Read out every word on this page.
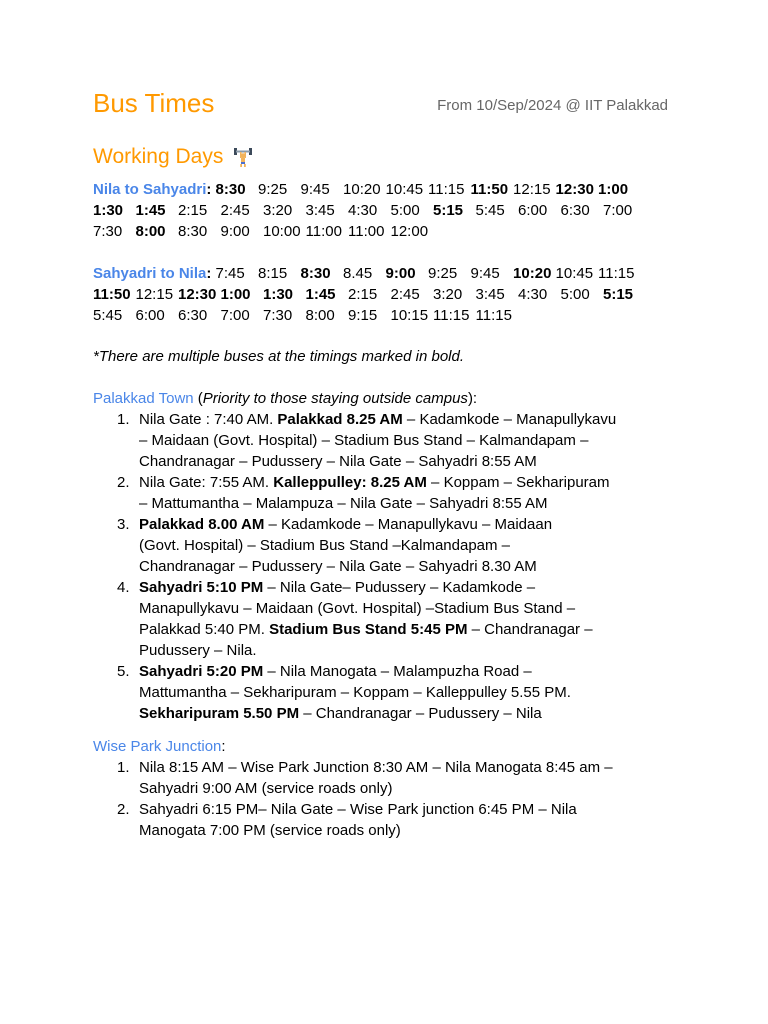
Bus Times	From 10/Sep/2024 @ IIT Palakkad
Working Days
Nila to Sahyadri: 8:30 9:25 9:45 10:20 10:45 11:15 11:50 12:15 12:30 1:001:30 1:45 2:15 2:45 3:20 3:45 4:30 5:00 5:15 5:45 6:00 6:30 7:007:30 8:00 8:30 9:00 10:00 11:00 11:00 12:00
Sahyadri to Nila: 7:45 8:15 8:30 8.45 9:00 9:25 9:45 10:20 10:45 11:1511:50 12:15 12:30 1:00 1:30 1:45 2:15 2:45 3:20 3:45 4:30 5:00 5:155:45 6:00 6:30 7:00 7:30 8:00 9:15 10:15 11:15 11:15
*There are multiple buses at the timings marked in bold.
Palakkad Town (Priority to those staying outside campus):
1. Nila Gate : 7:40 AM. Palakkad 8.25 AM – Kadamkode – Manapullykavu
– Maidaan (Govt. Hospital) – Stadium Bus Stand – Kalmandapam –
Chandranagar – Pudussery – Nila Gate – Sahyadri 8:55 AM
2. Nila Gate: 7:55 AM. Kalleppulley: 8.25 AM – Koppam – Sekharipuram
– Mattumantha – Malampuza – Nila Gate – Sahyadri 8:55 AM
3. Palakkad 8.00 AM – Kadamkode – Manapullykavu – Maidaan
(Govt. Hospital) – Stadium Bus Stand –Kalmandapam –
Chandranagar – Pudussery – Nila Gate – Sahyadri 8.30 AM
4. Sahyadri 5:10 PM – Nila Gate– Pudussery – Kadamkode –
Manapullykavu – Maidaan (Govt. Hospital) –Stadium Bus Stand –
Palakkad 5:40 PM. Stadium Bus Stand 5:45 PM – Chandranagar –
Pudussery – Nila.
5. Sahyadri 5:20 PM – Nila Manogata – Malampuzha Road –
Mattumantha – Sekharipuram – Koppam – Kalleppulley 5.55 PM.
Sekharipuram 5.50 PM – Chandranagar – Pudussery – Nila
Wise Park Junction:
1. Nila 8:15 AM – Wise Park Junction 8:30 AM – Nila Manogata 8:45 am –
Sahyadri 9:00 AM (service roads only)
2. Sahyadri 6:15 PM– Nila Gate – Wise Park junction 6:45 PM – Nila
Manogata 7:00 PM (service roads only)
